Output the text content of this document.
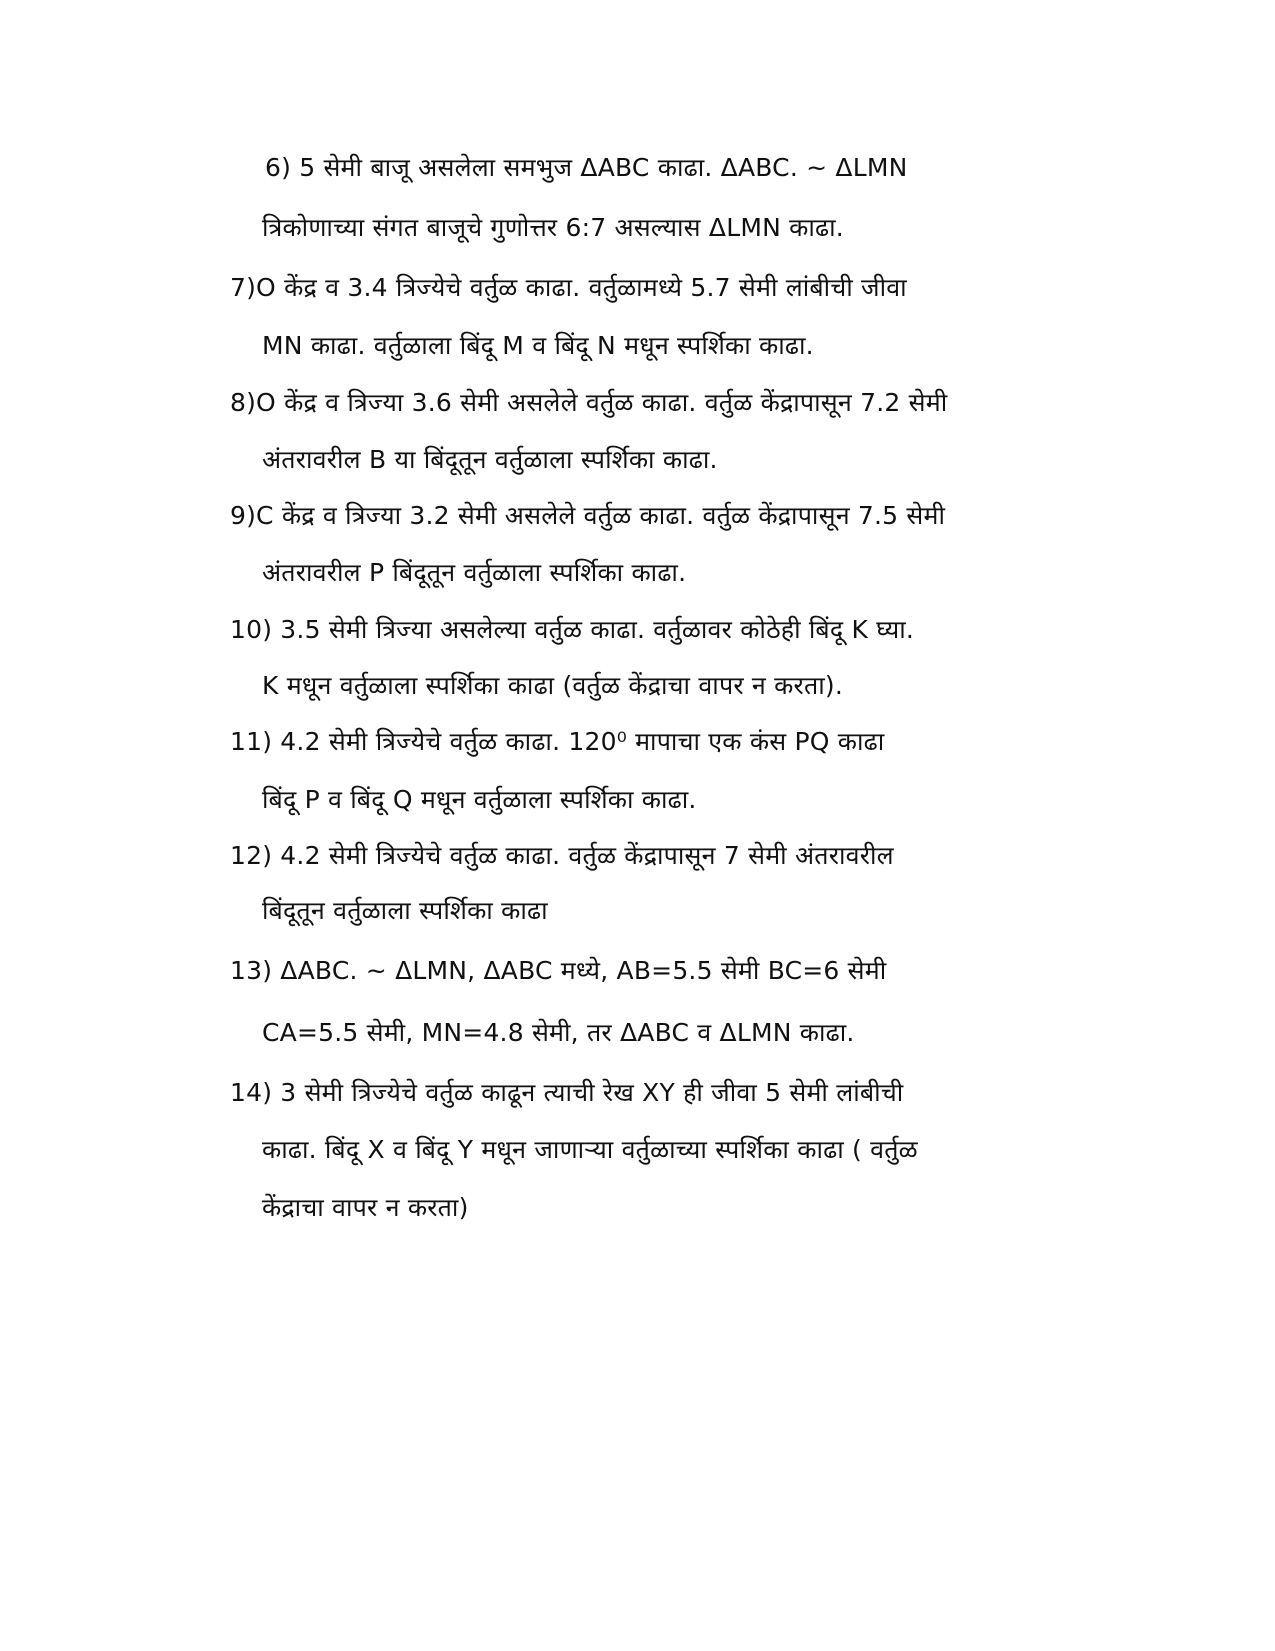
6) 5 सेमी बाजू असलेला समभुज ΔABC काढा. ΔABC. ~ ΔLMN
त्रिकोणाच्या संगत बाजूचे गुणोत्तर 6:7 असल्यास ΔLMN काढा.
7)O केंद्र व 3.4 त्रिज्येचे वर्तुळ काढा. वर्तुळामध्ये 5.7 सेमी लांबीची जीवा
MN काढा. वर्तुळाला बिंदू M व बिंदू N मधून स्पर्शिका काढा.
8)O केंद्र व त्रिज्या 3.6 सेमी असलेले वर्तुळ काढा. वर्तुळ केंद्रापासून 7.2 सेमी
अंतरावरील B या बिंदूतून वर्तुळाला स्पर्शिका काढा.
9)C केंद्र व त्रिज्या 3.2 सेमी असलेले वर्तुळ काढा. वर्तुळ केंद्रापासून 7.5 सेमी
अंतरावरील P बिंदूतून वर्तुळाला स्पर्शिका काढा.
10) 3.5 सेमी त्रिज्या असलेल्या वर्तुळ काढा. वर्तुळावर कोठेही बिंदू K घ्या.
K मधून वर्तुळाला स्पर्शिका काढा (वर्तुळ केंद्राचा वापर न करता).
11) 4.2 सेमी त्रिज्येचे वर्तुळ काढा. 120⁰ मापाचा एक कंस PQ काढा
बिंदू P व बिंदू Q मधून वर्तुळाला स्पर्शिका काढा.
12) 4.2 सेमी त्रिज्येचे वर्तुळ काढा. वर्तुळ केंद्रापासून 7 सेमी अंतरावरील
बिंदूतून वर्तुळाला स्पर्शिका काढा
13) ΔABC. ~ ΔLMN, ΔABC मध्ये, AB=5.5 सेमी BC=6 सेमी
CA=5.5 सेमी, MN=4.8 सेमी, तर ΔABC व ΔLMN काढा.
14) 3 सेमी त्रिज्येचे वर्तुळ काढून त्याची रेख XY ही जीवा 5 सेमी लांबीची
काढा. बिंदू X व बिंदू Y मधून जाणाऱ्या वर्तुळाच्या स्पर्शिका काढा ( वर्तुळ
केंद्राचा वापर न करता)
